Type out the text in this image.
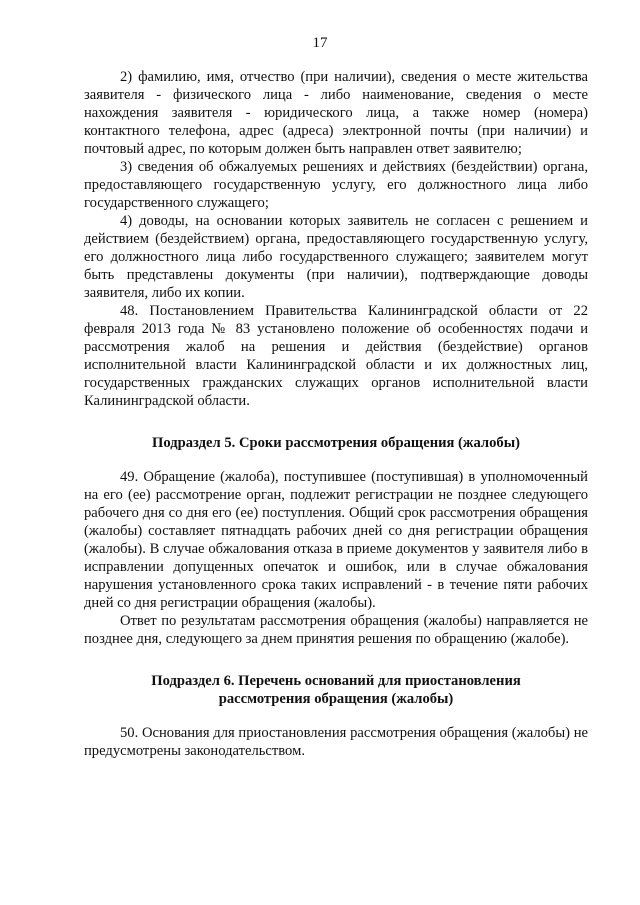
17

2) фамилию, имя, отчество (при наличии), сведения о месте жительства заявителя - физического лица - либо наименование, сведения о месте нахождения заявителя - юридического лица, а также номер (номера) контактного телефона, адрес (адреса) электронной почты (при наличии) и почтовый адрес, по которым должен быть направлен ответ заявителю;

3) сведения об обжалуемых решениях и действиях (бездействии) органа, предоставляющего государственную услугу, его должностного лица либо государственного служащего;

4) доводы, на основании которых заявитель не согласен с решением и действием (бездействием) органа, предоставляющего государственную услугу, его должностного лица либо государственного служащего; заявителем могут быть представлены документы (при наличии), подтверждающие доводы заявителя, либо их копии.

48. Постановлением Правительства Калининградской области от 22 февраля 2013 года № 83 установлено положение об особенностях подачи и рассмотрения жалоб на решения и действия (бездействие) органов исполнительной власти Калининградской области и их должностных лиц, государственных гражданских служащих органов исполнительной власти Калининградской области.

Подраздел 5. Сроки рассмотрения обращения (жалобы)

49. Обращение (жалоба), поступившее (поступившая) в уполномоченный на его (ее) рассмотрение орган, подлежит регистрации не позднее следующего рабочего дня со дня его (ее) поступления. Общий срок рассмотрения обращения (жалобы) составляет пятнадцать рабочих дней со дня регистрации обращения (жалобы). В случае обжалования отказа в приеме документов у заявителя либо в исправлении допущенных опечаток и ошибок, или в случае обжалования нарушения установленного срока таких исправлений - в течение пяти рабочих дней со дня регистрации обращения (жалобы).

Ответ по результатам рассмотрения обращения (жалобы) направляется не позднее дня, следующего за днем принятия решения по обращению (жалобе).

Подраздел 6. Перечень оснований для приостановления
рассмотрения обращения (жалобы)

50. Основания для приостановления рассмотрения обращения (жалобы) не предусмотрены законодательством.
